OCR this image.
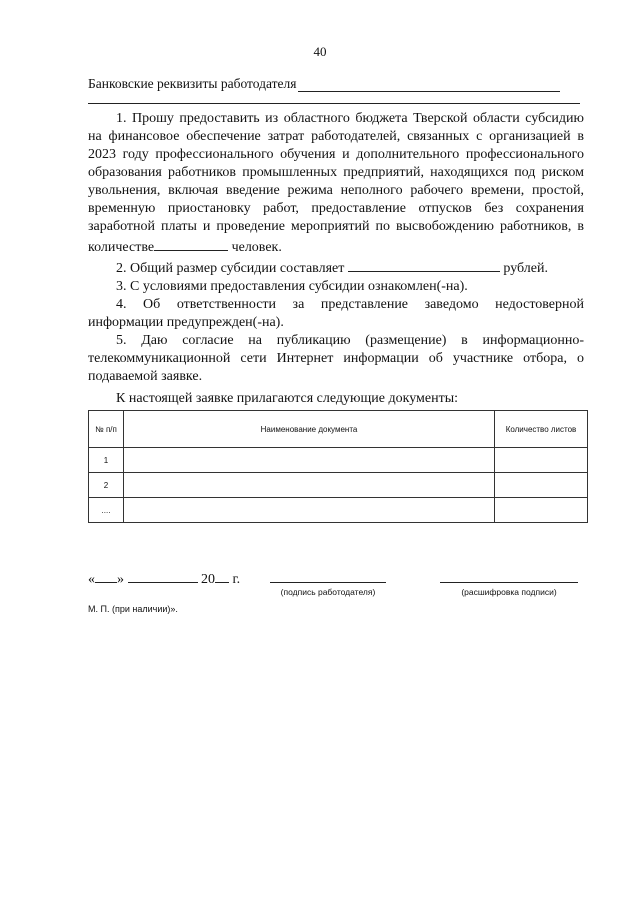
40
Банковские реквизиты работодателя

1. Прошу предоставить из областного бюджета Тверской области субсидию на финансовое обеспечение затрат работодателей, связанных с организацией в 2023 году профессионального обучения и дополнительного профессионального образования работников промышленных предприятий, находящихся под риском увольнения, включая введение режима неполного рабочего времени, простой, временную приостановку работ, предоставление отпусков без сохранения заработной платы и проведение мероприятий по высвобождению работников, в количестве	человек.

2. Общий размер субсидии составляет	рублей.

3. С условиями предоставления субсидии ознакомлен(-на).

4. Об ответственности за представление заведомо недостоверной информации предупрежден(-на).

5. Даю согласие на публикацию (размещение) в информационно-телекоммуникационной сети Интернет информации об участнике отбора, о подаваемой заявке.

К настоящей заявке прилагаются следующие документы:

№ п/п	Наименование документа	Количество листов
1		
2		
....		
« »	20 г.
(подпись работодателя)	(расшифровка подписи)
М. П. (при наличии)».
